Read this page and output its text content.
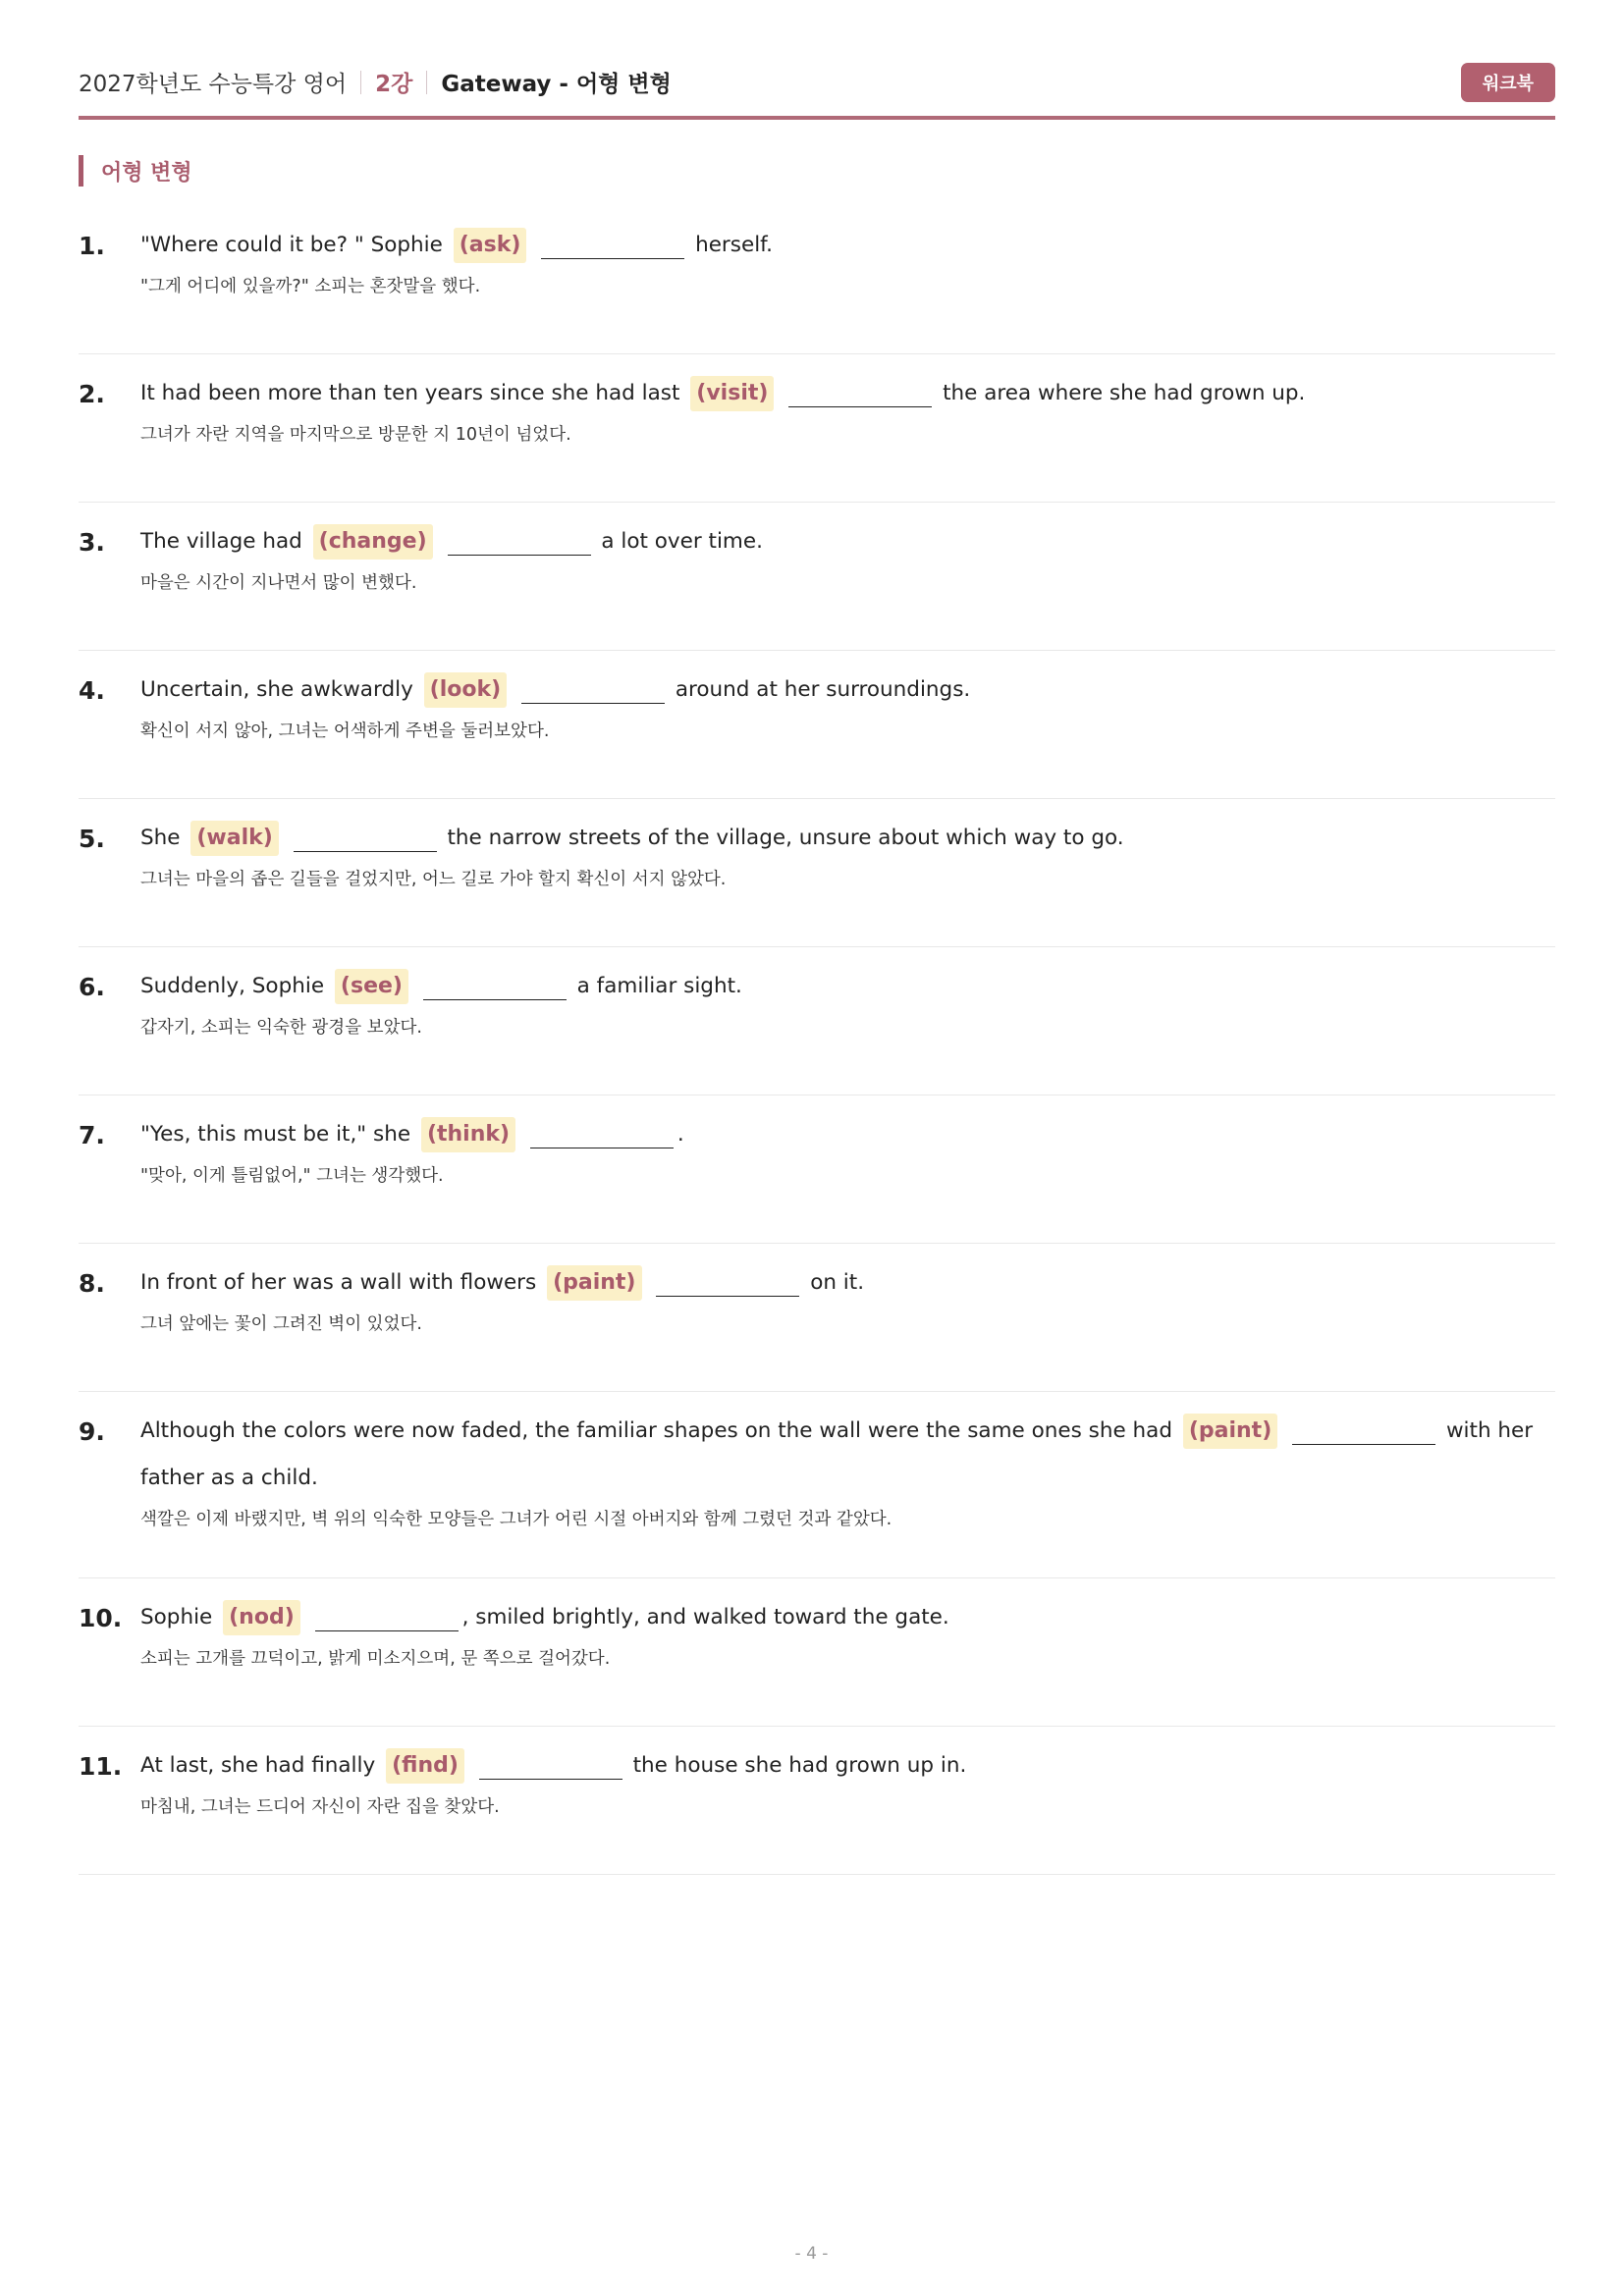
2027학년도 수능특강 영어 2강 Gateway - 어형 변형	워크북
어형 변형
1.	"Where could it be? " Sophie (ask)	herself.
"그게 어디에 있을까?" 소피는 혼잣말을 했다.
2.	It had been more than ten years since she had last (visit)	the area where she had grown up.
그녀가 자란 지역을 마지막으로 방문한 지 10년이 넘었다.
3.	The village had (change)	a lot over time.
마을은 시간이 지나면서 많이 변했다.
4.	Uncertain, she awkwardly (look)	around at her surroundings.
확신이 서지 않아, 그녀는 어색하게 주변을 둘러보았다.
5.	She (walk)	the narrow streets of the village, unsure about which way to go.
그녀는 마을의 좁은 길들을 걸었지만, 어느 길로 가야 할지 확신이 서지 않았다.
6.	Suddenly, Sophie (see)	a familiar sight.
갑자기, 소피는 익숙한 광경을 보았다.
7.	"Yes, this must be it," she (think)	.
"맞아, 이게 틀림없어," 그녀는 생각했다.
8.	In front of her was a wall with flowers (paint)	on it.
그녀 앞에는 꽃이 그려진 벽이 있었다.
9.	Although the colors were now faded, the familiar shapes on the wall were the same ones she had (paint)	with her father as a child.
색깔은 이제 바랬지만, 벽 위의 익숙한 모양들은 그녀가 어린 시절 아버지와 함께 그렸던 것과 같았다.
10. Sophie (nod)	, smiled brightly, and walked toward the gate.
소피는 고개를 끄덕이고, 밝게 미소지으며, 문 쪽으로 걸어갔다.
11. At last, she had finally (find)	the house she had grown up in.
마침내, 그녀는 드디어 자신이 자란 집을 찾았다.
- 4 -
